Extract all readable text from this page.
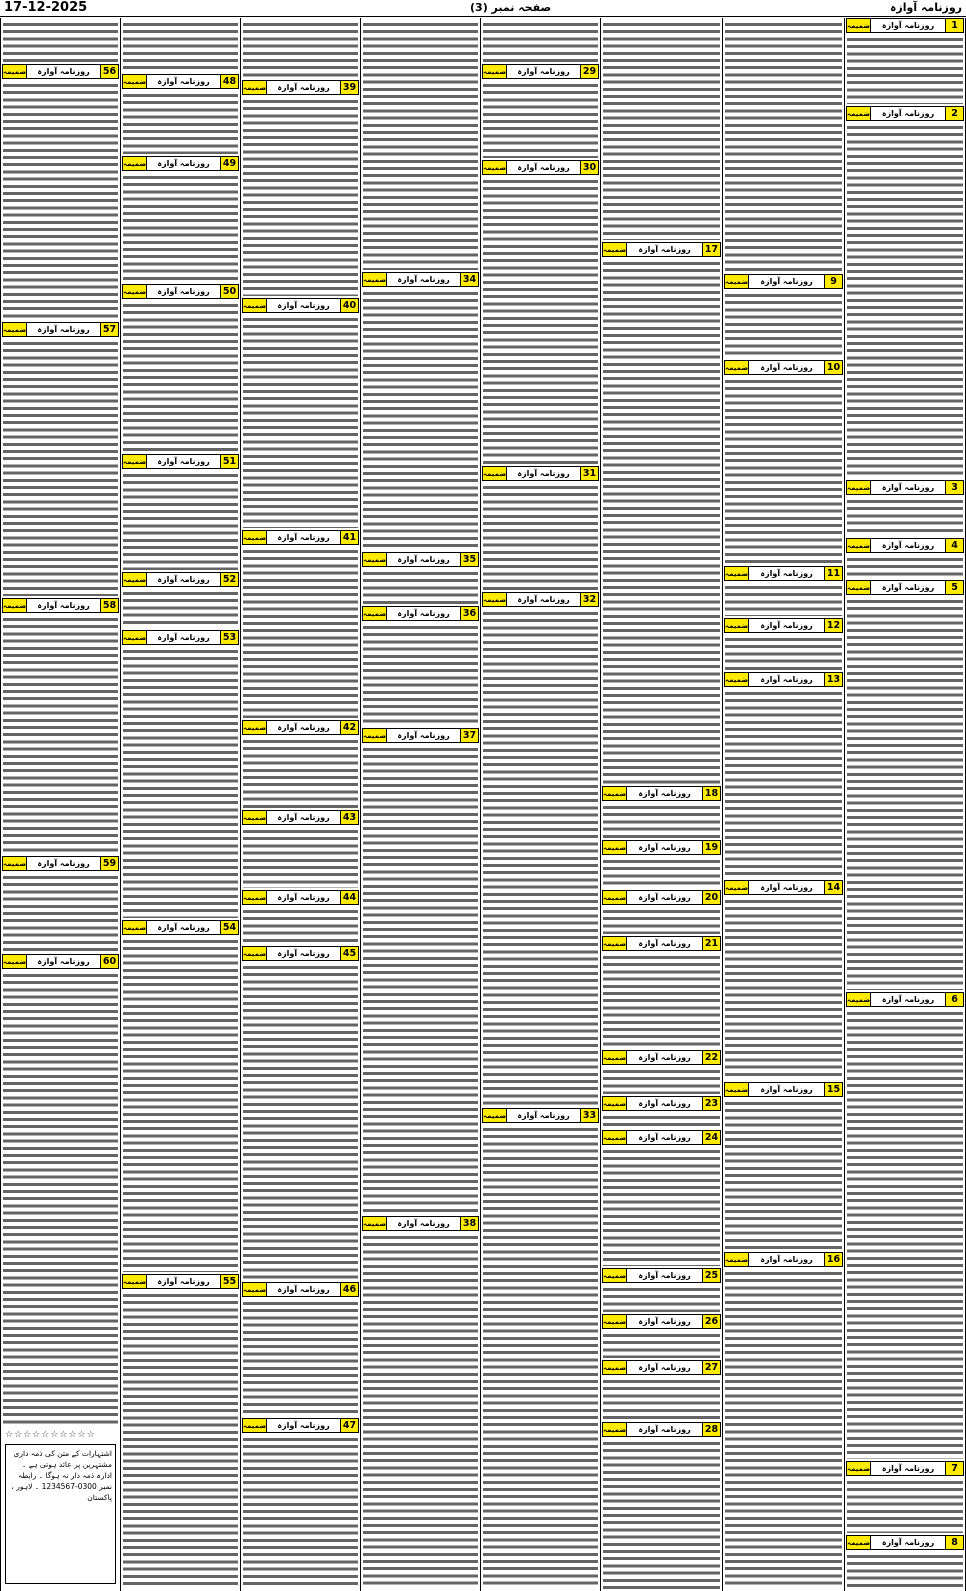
17-12-2025	صفحہ نمبر (3)	روزنامہ آوازہ
56
روزنامہ آوازہ
ضمیمہ
57
روزنامہ آوازہ
ضمیمہ
58
روزنامہ آوازہ
ضمیمہ
59
روزنامہ آوازہ
ضمیمہ
60
روزنامہ آوازہ
ضمیمہ
☆☆☆☆☆☆☆☆☆☆
اشتہارات کے متن کی ذمہ داری مشتہرین پر عائد ہوتی ہے ۔ ادارہ ذمہ دار نہ ہوگا ۔ رابطہ نمبر 0300-1234567 ۔ لاہور ، پاکستان
48
روزنامہ آوازہ
ضمیمہ
49
روزنامہ آوازہ
ضمیمہ
50
روزنامہ آوازہ
ضمیمہ
51
روزنامہ آوازہ
ضمیمہ
52
روزنامہ آوازہ
ضمیمہ
53
روزنامہ آوازہ
ضمیمہ
54
روزنامہ آوازہ
ضمیمہ
55
روزنامہ آوازہ
ضمیمہ
39
روزنامہ آوازہ
ضمیمہ
40
روزنامہ آوازہ
ضمیمہ
41
روزنامہ آوازہ
ضمیمہ
42
روزنامہ آوازہ
ضمیمہ
43
روزنامہ آوازہ
ضمیمہ
44
روزنامہ آوازہ
ضمیمہ
45
روزنامہ آوازہ
ضمیمہ
46
روزنامہ آوازہ
ضمیمہ
47
روزنامہ آوازہ
ضمیمہ
34
روزنامہ آوازہ
ضمیمہ
35
روزنامہ آوازہ
ضمیمہ
36
روزنامہ آوازہ
ضمیمہ
37
روزنامہ آوازہ
ضمیمہ
38
روزنامہ آوازہ
ضمیمہ
29
روزنامہ آوازہ
ضمیمہ
30
روزنامہ آوازہ
ضمیمہ
31
روزنامہ آوازہ
ضمیمہ
32
روزنامہ آوازہ
ضمیمہ
33
روزنامہ آوازہ
ضمیمہ
17
روزنامہ آوازہ
ضمیمہ
18
روزنامہ آوازہ
ضمیمہ
19
روزنامہ آوازہ
ضمیمہ
20
روزنامہ آوازہ
ضمیمہ
21
روزنامہ آوازہ
ضمیمہ
22
روزنامہ آوازہ
ضمیمہ
23
روزنامہ آوازہ
ضمیمہ
24
روزنامہ آوازہ
ضمیمہ
25
روزنامہ آوازہ
ضمیمہ
26
روزنامہ آوازہ
ضمیمہ
27
روزنامہ آوازہ
ضمیمہ
28
روزنامہ آوازہ
ضمیمہ
9
روزنامہ آوازہ
ضمیمہ
10
روزنامہ آوازہ
ضمیمہ
11
روزنامہ آوازہ
ضمیمہ
12
روزنامہ آوازہ
ضمیمہ
13
روزنامہ آوازہ
ضمیمہ
14
روزنامہ آوازہ
ضمیمہ
15
روزنامہ آوازہ
ضمیمہ
16
روزنامہ آوازہ
ضمیمہ
1
روزنامہ آوازہ
ضمیمہ
2
روزنامہ آوازہ
ضمیمہ
3
روزنامہ آوازہ
ضمیمہ
4
روزنامہ آوازہ
ضمیمہ
5
روزنامہ آوازہ
ضمیمہ
6
روزنامہ آوازہ
ضمیمہ
7
روزنامہ آوازہ
ضمیمہ
8
روزنامہ آوازہ
ضمیمہ
